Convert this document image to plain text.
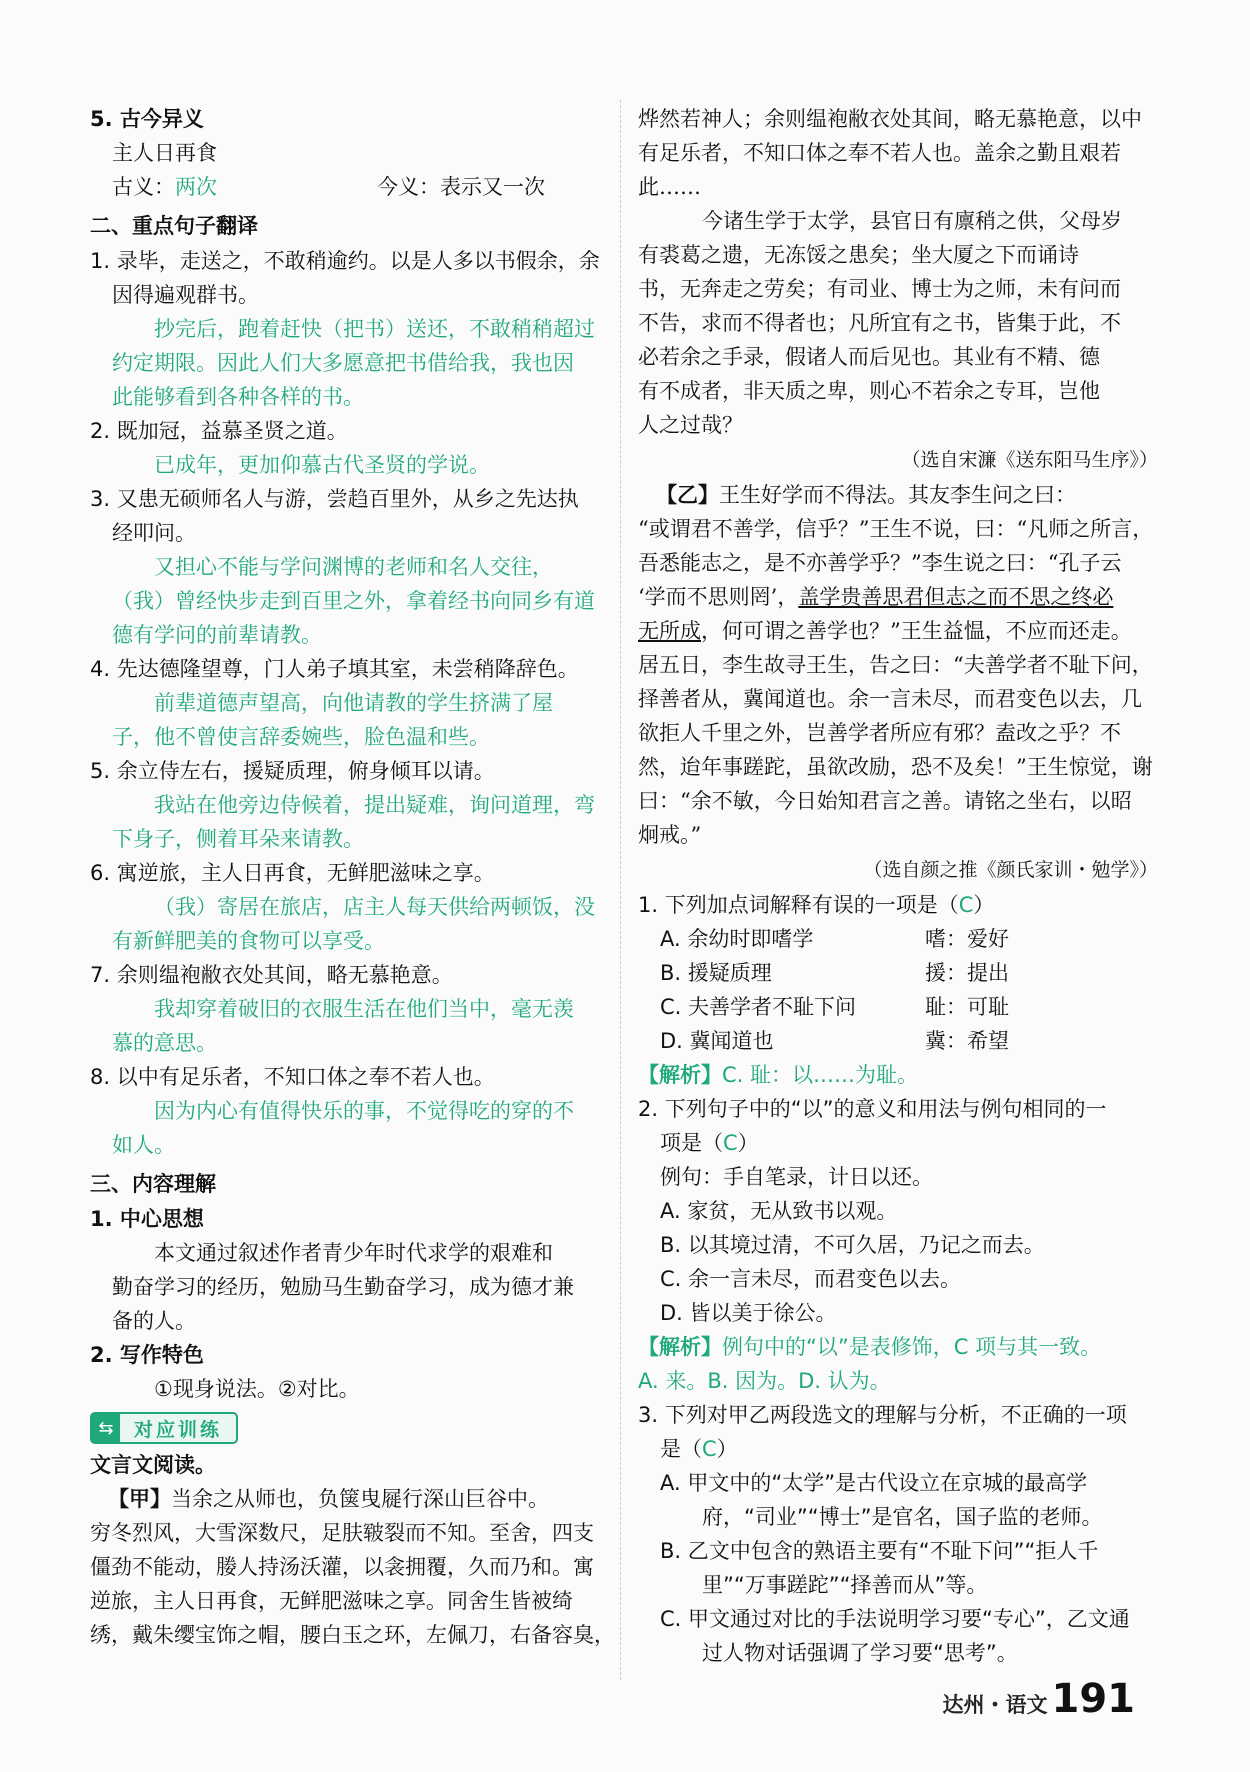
5. 古今异义
主人日再食
古义：两次	今义：表示又一次
二、重点句子翻译
1. 录毕，走送之，不敢稍逾约。以是人多以书假余，余
因得遍观群书。
抄完后，跑着赶快（把书）送还，不敢稍稍超过
约定期限。因此人们大多愿意把书借给我，我也因
此能够看到各种各样的书。
2. 既加冠，益慕圣贤之道。
已成年，更加仰慕古代圣贤的学说。
3. 又患无硕师名人与游，尝趋百里外，从乡之先达执
经叩问。
又担心不能与学问渊博的老师和名人交往，
（我）曾经快步走到百里之外，拿着经书向同乡有道
德有学问的前辈请教。
4. 先达德隆望尊，门人弟子填其室，未尝稍降辞色。
前辈道德声望高，向他请教的学生挤满了屋
子，他不曾使言辞委婉些，脸色温和些。
5. 余立侍左右，援疑质理，俯身倾耳以请。
我站在他旁边侍候着，提出疑难，询问道理，弯
下身子，侧着耳朵来请教。
6. 寓逆旅，主人日再食，无鲜肥滋味之享。
（我）寄居在旅店，店主人每天供给两顿饭，没
有新鲜肥美的食物可以享受。
7. 余则缊袍敝衣处其间，略无慕艳意。
我却穿着破旧的衣服生活在他们当中，毫无羡
慕的意思。
8. 以中有足乐者，不知口体之奉不若人也。
因为内心有值得快乐的事，不觉得吃的穿的不
如人。
三、内容理解
1. 中心思想
本文通过叙述作者青少年时代求学的艰难和
勤奋学习的经历，勉励马生勤奋学习，成为德才兼
备的人。
2. 写作特色
①现身说法。②对比。
⇆	对应训练
文言文阅读。
【甲】当余之从师也，负箧曳屣行深山巨谷中。
穷冬烈风，大雪深数尺，足肤皲裂而不知。至舍，四支
僵劲不能动，媵人持汤沃灌，以衾拥覆，久而乃和。寓
逆旅，主人日再食，无鲜肥滋味之享。同舍生皆被绮
绣，戴朱缨宝饰之帽，腰白玉之环，左佩刀，右备容臭，
烨然若神人；余则缊袍敝衣处其间，略无慕艳意，以中
有足乐者，不知口体之奉不若人也。盖余之勤且艰若
此……
今诸生学于太学，县官日有廪稍之供，父母岁
有裘葛之遗，无冻馁之患矣；坐大厦之下而诵诗
书，无奔走之劳矣；有司业、博士为之师，未有问而
不告，求而不得者也；凡所宜有之书，皆集于此，不
必若余之手录，假诸人而后见也。其业有不精、德
有不成者，非天质之卑，则心不若余之专耳，岂他
人之过哉？
（选自宋濂《送东阳马生序》）
【乙】王生好学而不得法。其友李生问之曰：
“或谓君不善学，信乎？”王生不说，曰：“凡师之所言，
吾悉能志之，是不亦善学乎？”李生说之曰：“孔子云
‘学而不思则罔’，盖学贵善思君但志之而不思之终必
无所成，何可谓之善学也？”王生益愠，不应而还走。
居五日，李生故寻王生，告之曰：“夫善学者不耻下问，
择善者从，冀闻道也。余一言未尽，而君变色以去，几
欲拒人千里之外，岂善学者所应有邪？盍改之乎？不
然，迨年事蹉跎，虽欲改励，恐不及矣！”王生惊觉，谢
曰：“余不敏，今日始知君言之善。请铭之坐右，以昭
炯戒。”
（选自颜之推《颜氏家训・勉学》）
1. 下列加点词解释有误的一项是（C）
A. 余幼时即嗜学	嗜：爱好
B. 援疑质理	援：提出
C. 夫善学者不耻下问	耻：可耻
D. 冀闻道也	冀：希望
【解析】C. 耻：以……为耻。
2. 下列句子中的“以”的意义和用法与例句相同的一
项是（C）
例句：手自笔录，计日以还。
A. 家贫，无从致书以观。
B. 以其境过清，不可久居，乃记之而去。
C. 余一言未尽，而君变色以去。
D. 皆以美于徐公。
【解析】例句中的“以”是表修饰，C 项与其一致。
A. 来。B. 因为。D. 认为。
3. 下列对甲乙两段选文的理解与分析，不正确的一项
是（C）
A. 甲文中的“太学”是古代设立在京城的最高学
府，“司业”“博士”是官名，国子监的老师。
B. 乙文中包含的熟语主要有“不耻下问”“拒人千
里”“万事蹉跎”“择善而从”等。
C. 甲文通过对比的手法说明学习要“专心”，乙文通
过人物对话强调了学习要“思考”。
达州・语文 191
